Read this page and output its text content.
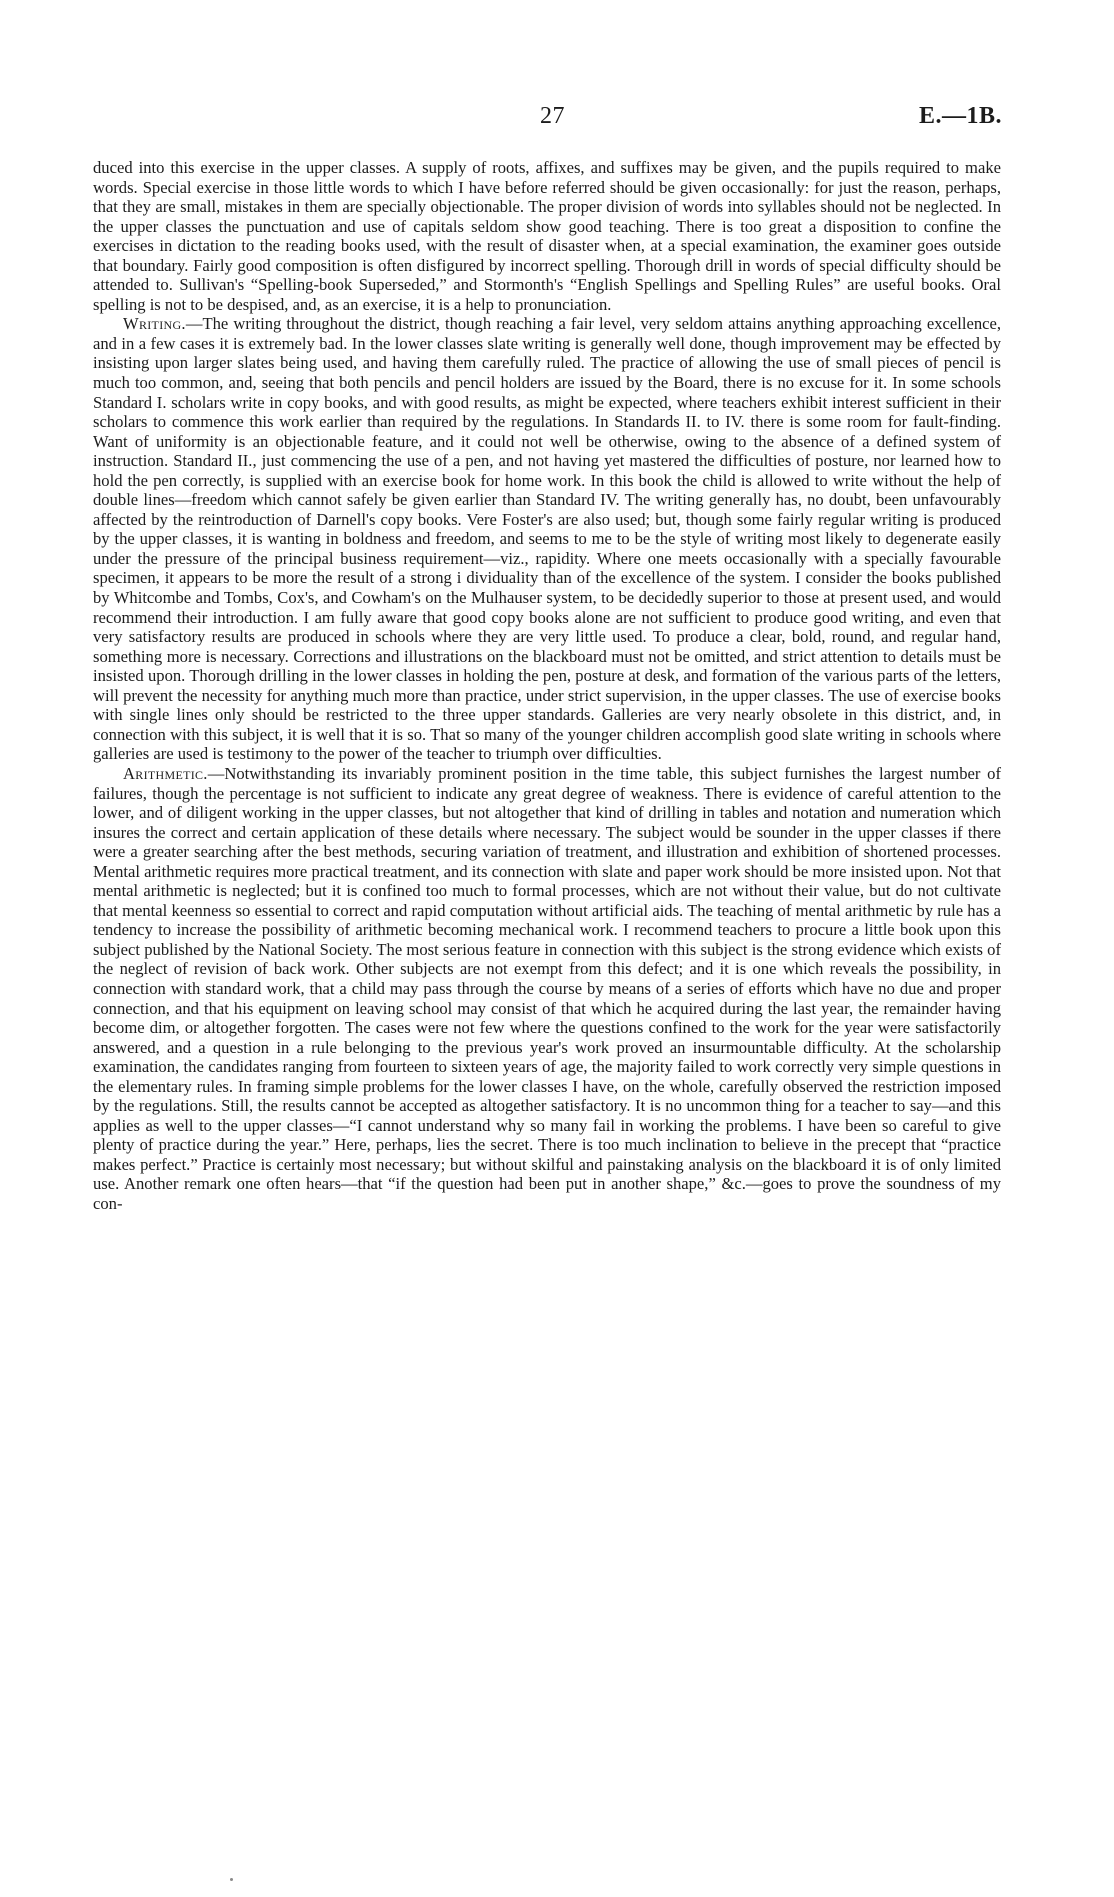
27	E.—1B.

duced into this exercise in the upper classes. A supply of roots, affixes, and suffixes may be given, and the pupils required to make words. Special exercise in those little words to which I have before referred should be given occasionally: for just the reason, perhaps, that they are small, mistakes in them are specially objectionable. The proper division of words into syllables should not be neglected. In the upper classes the punctuation and use of capitals seldom show good teaching. There is too great a disposition to confine the exercises in dictation to the reading books used, with the result of disaster when, at a special examination, the examiner goes outside that boundary. Fairly good composition is often disfigured by incorrect spelling. Thorough drill in words of special difficulty should be attended to. Sullivan's “Spelling-book Superseded,” and Stormonth's “English Spellings and Spelling Rules” are useful books. Oral spelling is not to be despised, and, as an exercise, it is a help to pronunciation.

Writing.—The writing throughout the district, though reaching a fair level, very seldom attains anything approaching excellence, and in a few cases it is extremely bad. In the lower classes slate writing is generally well done, though improvement may be effected by insisting upon larger slates being used, and having them carefully ruled. The practice of allowing the use of small pieces of pencil is much too common, and, seeing that both pencils and pencil holders are issued by the Board, there is no excuse for it. In some schools Standard I. scholars write in copy books, and with good results, as might be expected, where teachers exhibit interest sufficient in their scholars to commence this work earlier than required by the regulations. In Standards II. to IV. there is some room for fault-finding. Want of uniformity is an objectionable feature, and it could not well be otherwise, owing to the absence of a defined system of instruction. Standard II., just commencing the use of a pen, and not having yet mastered the difficulties of posture, nor learned how to hold the pen correctly, is supplied with an exercise book for home work. In this book the child is allowed to write without the help of double lines—freedom which cannot safely be given earlier than Standard IV. The writing generally has, no doubt, been unfavourably affected by the reintroduction of Darnell's copy books. Vere Foster's are also used; but, though some fairly regular writing is produced by the upper classes, it is wanting in boldness and freedom, and seems to me to be the style of writing most likely to degenerate easily under the pressure of the principal business requirement—viz., rapidity. Where one meets occasionally with a specially favourable specimen, it appears to be more the result of a strong i dividuality than of the excellence of the system. I consider the books published by Whitcombe and Tombs, Cox's, and Cowham's on the Mulhauser system, to be decidedly superior to those at present used, and would recommend their introduction. I am fully aware that good copy books alone are not sufficient to produce good writing, and even that very satisfactory results are produced in schools where they are very little used. To produce a clear, bold, round, and regular hand, something more is necessary. Corrections and illustrations on the blackboard must not be omitted, and strict attention to details must be insisted upon. Thorough drilling in the lower classes in holding the pen, posture at desk, and formation of the various parts of the letters, will prevent the necessity for anything much more than practice, under strict supervision, in the upper classes. The use of exercise books with single lines only should be restricted to the three upper standards. Galleries are very nearly obsolete in this district, and, in connection with this subject, it is well that it is so. That so many of the younger children accomplish good slate writing in schools where galleries are used is testimony to the power of the teacher to triumph over difficulties.

Arithmetic.—Notwithstanding its invariably prominent position in the time table, this subject furnishes the largest number of failures, though the percentage is not sufficient to indicate any great degree of weakness. There is evidence of careful attention to the lower, and of diligent working in the upper classes, but not altogether that kind of drilling in tables and notation and numeration which insures the correct and certain application of these details where necessary. The subject would be sounder in the upper classes if there were a greater searching after the best methods, securing variation of treatment, and illustration and exhibition of shortened processes. Mental arithmetic requires more practical treatment, and its connection with slate and paper work should be more insisted upon. Not that mental arithmetic is neglected; but it is confined too much to formal processes, which are not without their value, but do not cultivate that mental keenness so essential to correct and rapid computation without artificial aids. The teaching of mental arithmetic by rule has a tendency to increase the possibility of arithmetic becoming mechanical work. I recommend teachers to procure a little book upon this subject published by the National Society. The most serious feature in connection with this subject is the strong evidence which exists of the neglect of revision of back work. Other subjects are not exempt from this defect; and it is one which reveals the possibility, in connection with standard work, that a child may pass through the course by means of a series of efforts which have no due and proper connection, and that his equipment on leaving school may consist of that which he acquired during the last year, the remainder having become dim, or altogether forgotten. The cases were not few where the questions confined to the work for the year were satisfactorily answered, and a question in a rule belonging to the previous year's work proved an insurmountable difficulty. At the scholarship examination, the candidates ranging from fourteen to sixteen years of age, the majority failed to work correctly very simple questions in the elementary rules. In framing simple problems for the lower classes I have, on the whole, carefully observed the restriction imposed by the regulations. Still, the results cannot be accepted as altogether satisfactory. It is no uncommon thing for a teacher to say—and this applies as well to the upper classes—“I cannot understand why so many fail in working the problems. I have been so careful to give plenty of practice during the year.” Here, perhaps, lies the secret. There is too much inclination to believe in the precept that “practice makes perfect.” Practice is certainly most necessary; but without skilful and painstaking analysis on the blackboard it is of only limited use. Another remark one often hears—that “if the question had been put in another shape,” &c.—goes to prove the soundness of my con-
